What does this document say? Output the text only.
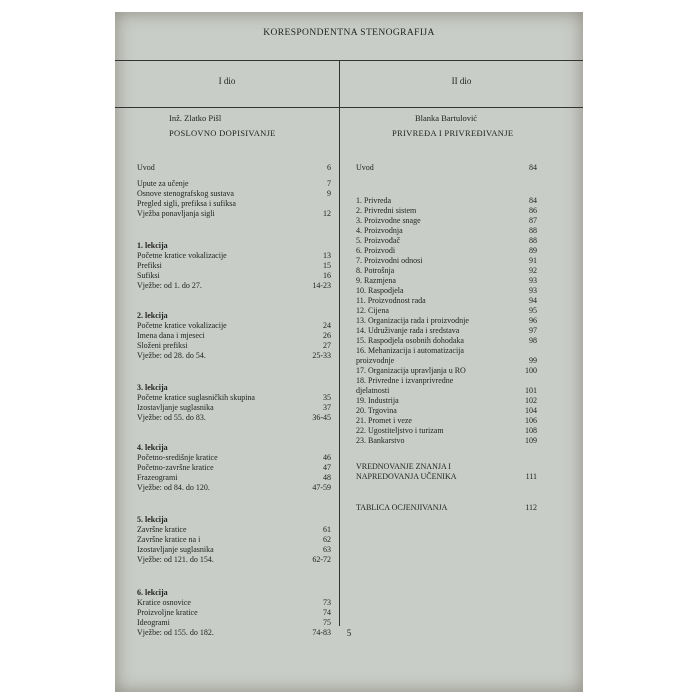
KORESPONDENTNA STENOGRAFIJA
I dio	II dio
Inž. Zlatko Pišl
POSLOVNO DOPISIVANJE
Blanka Bartulović
PRIVREĐA I PRIVREĐIVANJE
Uvod	6
Upute za učenje	7
Osnove stenografskog sustava	9
Pregled sigli, prefiksa i sufiksa
Vježba ponavljanja sigli	12
1. lekcija
Početne kratice vokalizacije	13
Prefiksi	15
Sufiksi	16
Vježbe: od 1. do 27.	14-23
2. lekcija
Početne kratice vokalizacije	24
Imena dana i mjeseci	26
Složeni prefiksi	27
Vježbe: od 28. do 54.	25-33
3. lekcija
Početne kratice suglasničkih skupina	35
Izostavljanje suglasnika	37
Vježbe: od 55. do 83.	36-45
4. lekcija
Početno-središnje kratice	46
Početno-završne kratice	47
Frazeogrami	48
Vježbe: od 84. do 120.	47-59
5. lekcija
Završne kratice	61
Završne kratice na i	62
Izostavljanje suglasnika	63
Vježbe: od 121. do 154.	62-72
6. lekcija
Kratice osnovice	73
Proizvoljne kratice	74
Ideogrami	75
Vježbe: od 155. do 182.	74-83
Uvod	84
1. Privreda	84
2. Privredni sistem	86
3. Proizvodne snage	87
4. Proizvodnja	88
5. Proizvođač	88
6. Proizvodi	89
7. Proizvodni odnosi	91
8. Potrošnja	92
9. Razmjena	93
10. Raspodjela	93
11. Proizvodnost rada	94
12. Cijena	95
13. Organizacija rada i proizvodnje	96
14. Udruživanje rada i sredstava	97
15. Raspodjela osobnih dohodaka	98
16. Mehanizacija i automatizacija
proizvodnje	99
17. Organizacija upravljanja u RO	100
18. Privredne i izvanprivredne
djelatnosti	101
19. Industrija	102
20. Trgovina	104
21. Promet i veze	106
22. Ugostiteljstvo i turizam	108
23. Bankarstvo	109
VREDNOVANJE ZNANJA I
NAPREDOVANJA UČENIKA	111
TABLICA OCJENJIVANJA	112
5
